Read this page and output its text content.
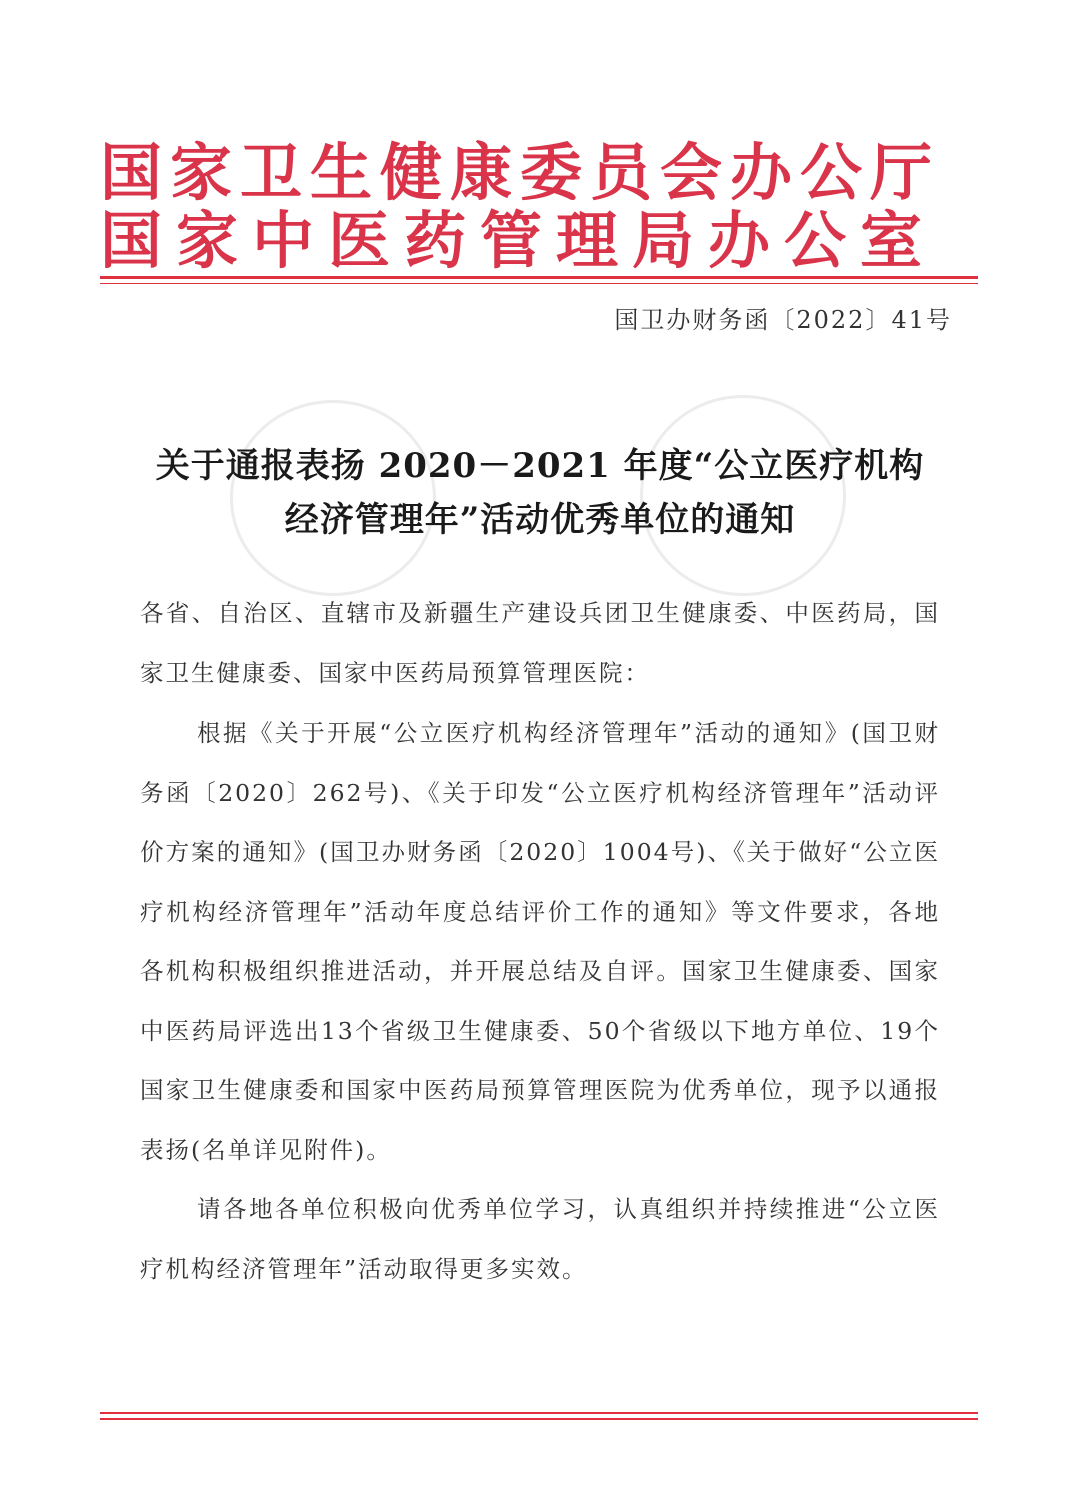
国家卫生健康委员会办公厅
国家中医药管理局办公室
国卫办财务函〔2022〕41号
关于通报表扬 2020－2021 年度“公立医疗机构
经济管理年”活动优秀单位的通知
各省、自治区、直辖市及新疆生产建设兵团卫生健康委、中医药局，国家卫生健康委、国家中医药局预算管理医院：
根据《关于开展“公立医疗机构经济管理年”活动的通知》(国卫财务函〔2020〕262号)、《关于印发“公立医疗机构经济管理年”活动评价方案的通知》(国卫办财务函〔2020〕1004号)、《关于做好“公立医疗机构经济管理年”活动年度总结评价工作的通知》等文件要求，各地各机构积极组织推进活动，并开展总结及自评。国家卫生健康委、国家中医药局评选出13个省级卫生健康委、50个省级以下地方单位、19个国家卫生健康委和国家中医药局预算管理医院为优秀单位，现予以通报表扬(名单详见附件)。
请各地各单位积极向优秀单位学习，认真组织并持续推进“公立医疗机构经济管理年”活动取得更多实效。
